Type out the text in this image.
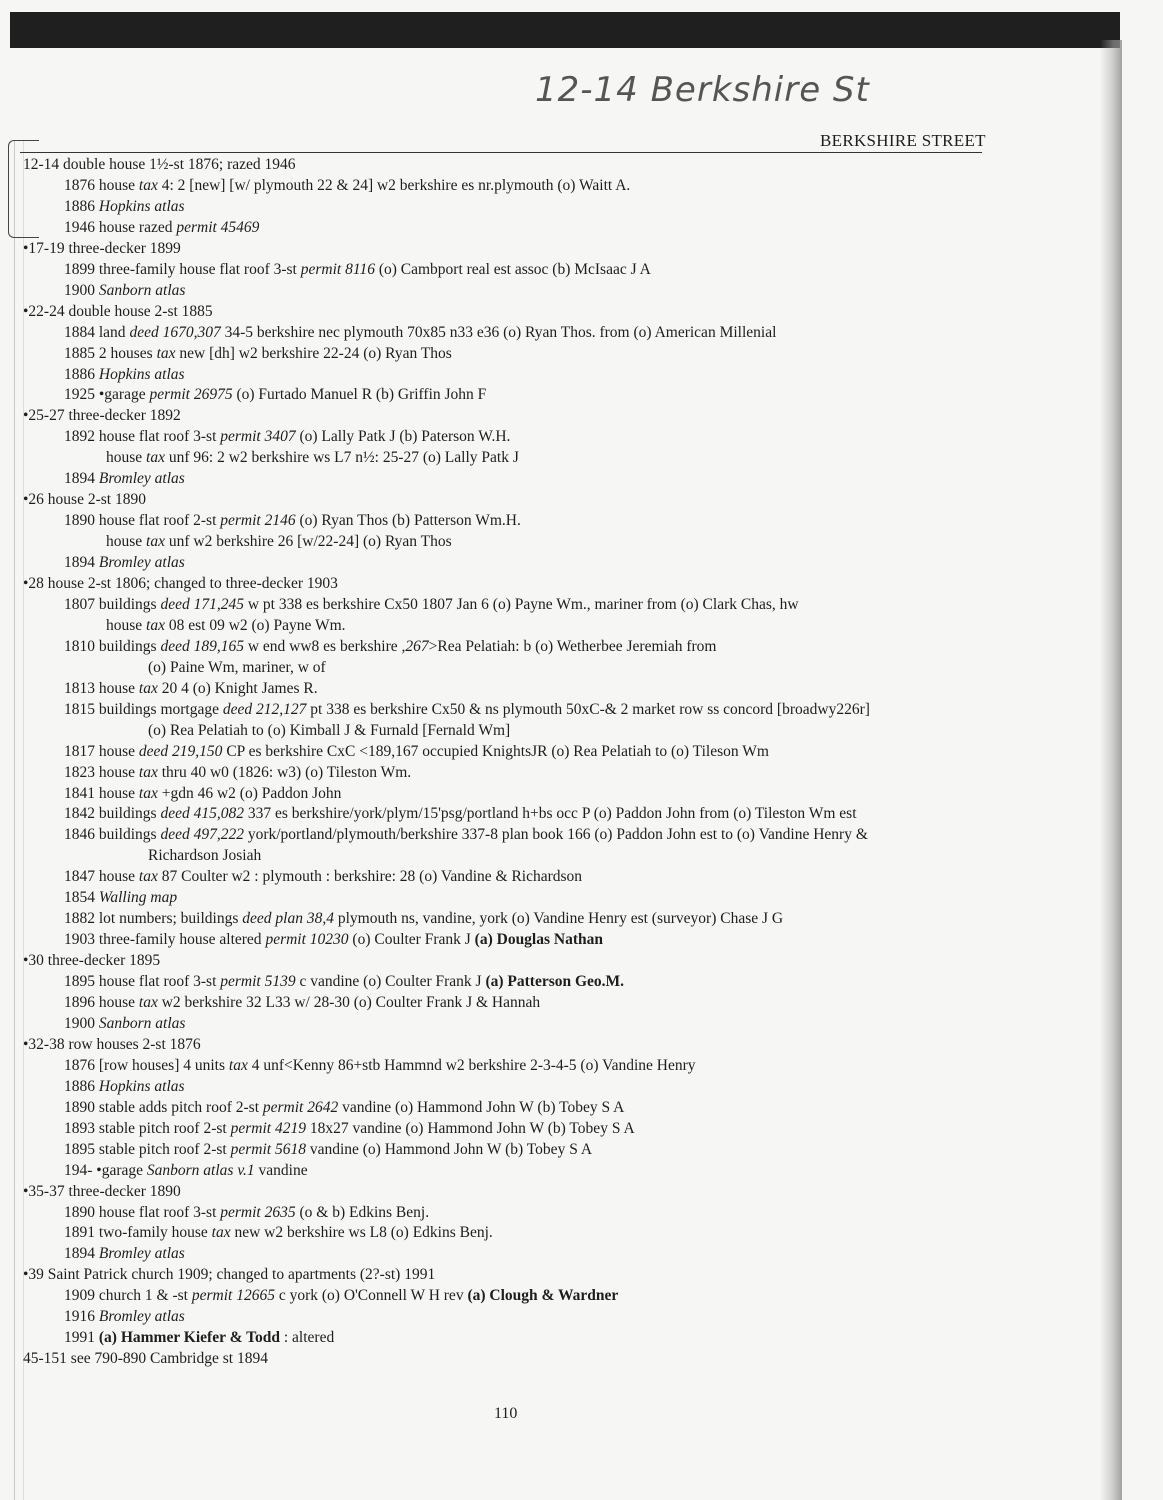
12-14 Berkshire St
BERKSHIRE STREET
12-14 double house 1½-st 1876; razed 1946
1876 house tax 4: 2 [new] [w/ plymouth 22 & 24] w2 berkshire es nr.plymouth (o) Waitt A.
1886 Hopkins atlas
1946 house razed permit 45469
•17-19 three-decker 1899
1899 three-family house flat roof 3-st permit 8116 (o) Cambport real est assoc (b) McIsaac J A
1900 Sanborn atlas
•22-24 double house 2-st 1885
1884 land deed 1670,307 34-5 berkshire nec plymouth 70x85 n33 e36 (o) Ryan Thos. from (o) American Millenial
1885 2 houses tax new [dh] w2 berkshire 22-24 (o) Ryan Thos
1886 Hopkins atlas
1925 •garage permit 26975 (o) Furtado Manuel R (b) Griffin John F
•25-27 three-decker 1892
1892 house flat roof 3-st permit 3407 (o) Lally Patk J (b) Paterson W.H.
house tax unf 96: 2 w2 berkshire ws L7 n½: 25-27 (o) Lally Patk J
1894 Bromley atlas
•26 house 2-st 1890
1890 house flat roof 2-st permit 2146 (o) Ryan Thos (b) Patterson Wm.H.
house tax unf w2 berkshire 26 [w/22-24] (o) Ryan Thos
1894 Bromley atlas
•28 house 2-st 1806; changed to three-decker 1903
1807 buildings deed 171,245 w pt 338 es berkshire Cx50 1807 Jan 6 (o) Payne Wm., mariner from (o) Clark Chas, hw
house tax 08 est 09 w2 (o) Payne Wm.
1810 buildings deed 189,165 w end ww8 es berkshire ,267>Rea Pelatiah: b (o) Wetherbee Jeremiah from
(o) Paine Wm, mariner, w of
1813 house tax 20 4 (o) Knight James R.
1815 buildings mortgage deed 212,127 pt 338 es berkshire Cx50 & ns plymouth 50xC-& 2 market row ss concord [broadwy226r]
(o) Rea Pelatiah to (o) Kimball J & Furnald [Fernald Wm]
1817 house deed 219,150 CP es berkshire CxC <189,167 occupied KnightsJR (o) Rea Pelatiah to (o) Tileson Wm
1823 house tax thru 40 w0 (1826: w3) (o) Tileston Wm.
1841 house tax +gdn 46 w2 (o) Paddon John
1842 buildings deed 415,082 337 es berkshire/york/plym/15'psg/portland h+bs occ P (o) Paddon John from (o) Tileston Wm est
1846 buildings deed 497,222 york/portland/plymouth/berkshire 337-8 plan book 166 (o) Paddon John est to (o) Vandine Henry &
Richardson Josiah
1847 house tax 87 Coulter w2 : plymouth : berkshire: 28 (o) Vandine & Richardson
1854 Walling map
1882 lot numbers; buildings deed plan 38,4 plymouth ns, vandine, york (o) Vandine Henry est (surveyor) Chase J G
1903 three-family house altered permit 10230 (o) Coulter Frank J (a) Douglas Nathan
•30 three-decker 1895
1895 house flat roof 3-st permit 5139 c vandine (o) Coulter Frank J (a) Patterson Geo.M.
1896 house tax w2 berkshire 32 L33 w/ 28-30 (o) Coulter Frank J & Hannah
1900 Sanborn atlas
•32-38 row houses 2-st 1876
1876 [row houses] 4 units tax 4 unf<Kenny 86+stb Hammnd w2 berkshire 2-3-4-5 (o) Vandine Henry
1886 Hopkins atlas
1890 stable adds pitch roof 2-st permit 2642 vandine (o) Hammond John W (b) Tobey S A
1893 stable pitch roof 2-st permit 4219 18x27 vandine (o) Hammond John W (b) Tobey S A
1895 stable pitch roof 2-st permit 5618 vandine (o) Hammond John W (b) Tobey S A
194- •garage Sanborn atlas v.1 vandine
•35-37 three-decker 1890
1890 house flat roof 3-st permit 2635 (o & b) Edkins Benj.
1891 two-family house tax new w2 berkshire ws L8 (o) Edkins Benj.
1894 Bromley atlas
•39 Saint Patrick church 1909; changed to apartments (2?-st) 1991
1909 church 1 & -st permit 12665 c york (o) O'Connell W H rev (a) Clough & Wardner
1916 Bromley atlas
1991 (a) Hammer Kiefer & Todd : altered
45-151 see 790-890 Cambridge st 1894
110
